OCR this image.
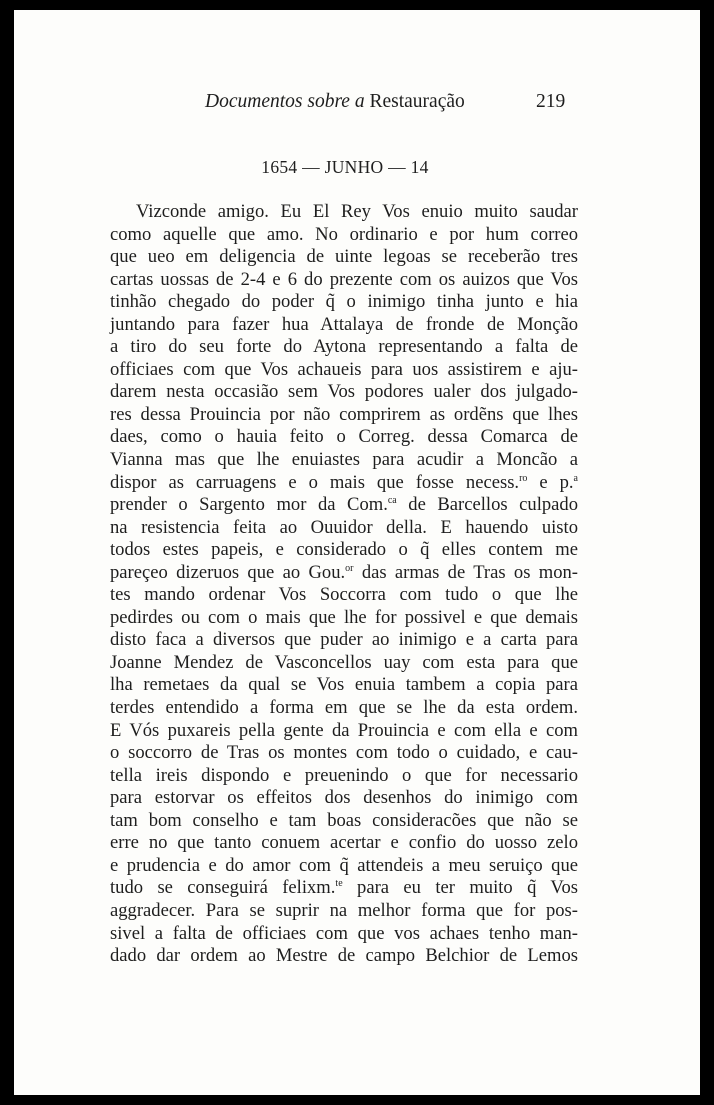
Documentos sobre a Restauração	219
1654 — JUNHO — 14
Vizconde amigo. Eu El Rey Vos enuio muito saudar
como aquelle que amo. No ordinario e por hum correo
que ueo em deligencia de uinte legoas se receberão tres
cartas uossas de 2-4 e 6 do prezente com os auizos que Vos
tinhão chegado do poder q̃ o inimigo tinha junto e hia
juntando para fazer hua Attalaya de fronde de Monção
a tiro do seu forte do Aytona representando a falta de
officiaes com que Vos achaueis para uos assistirem e aju-
darem nesta occasião sem Vos podores ualer dos julgado-
res dessa Prouincia por não comprirem as ordẽns que lhes
daes, como o hauia feito o Correg. dessa Comarca de
Vianna mas que lhe enuiastes para acudir a Moncão a
dispor as carruagens e o mais que fosse necess.$^{ro}$ e p.$^a$
prender o Sargento mor da Com.$^{ca}$ de Barcellos culpado
na resistencia feita ao Ouuidor della. E hauendo uisto
todos estes papeis, e considerado o q̃ elles contem me
pareçeo dizeruos que ao Gou.$^{or}$ das armas de Tras os mon-
tes mando ordenar Vos Soccorra com tudo o que lhe
pedirdes ou com o mais que lhe for possivel e que demais
disto faca a diversos que puder ao inimigo e a carta para
Joanne Mendez de Vasconcellos uay com esta para que
lha remetaes da qual se Vos enuia tambem a copia para
terdes entendido a forma em que se lhe da esta ordem.
E Vós puxareis pella gente da Prouincia e com ella e com
o soccorro de Tras os montes com todo o cuidado, e cau-
tella ireis dispondo e preuenindo o que for necessario
para estorvar os effeitos dos desenhos do inimigo com
tam bom conselho e tam boas consideracões que não se
erre no que tanto conuem acertar e confio do uosso zelo
e prudencia e do amor com q̃ attendeis a meu seruiço que
tudo se conseguirá felixm.$^{te}$ para eu ter muito q̃ Vos
aggradecer. Para se suprir na melhor forma que for pos-
sivel a falta de officiaes com que vos achaes tenho man-
dado dar ordem ao Mestre de campo Belchior de Lemos
